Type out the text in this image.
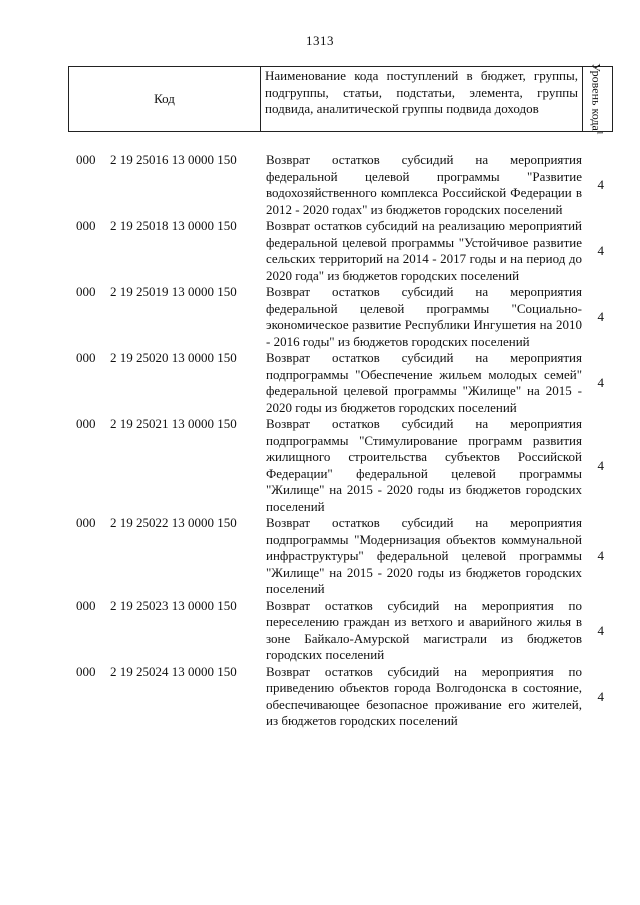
1313
Код
Наименование кода поступлений в бюджет, группы, подгруппы, статьи, подстатьи, элемента, группы подвида, аналитической группы подвида доходов	Уровень кода$^1$
000 2 19 25016 13 0000 150 Возврат остатков субсидий на мероприятия федеральной целевой программы "Развитие водохозяйственного комплекса Российской Федерации в 2012 - 2020 годах" из бюджетов городских поселений
4
000 2 19 25018 13 0000 150 Возврат остатков субсидий на реализацию мероприятий федеральной целевой программы "Устойчивое развитие сельских территорий на 2014 - 2017 годы и на период до 2020 года" из бюджетов городских поселений
4
000 2 19 25019 13 0000 150 Возврат остатков субсидий на мероприятия федеральной целевой программы "Социально-экономическое развитие Республики Ингушетия на 2010 - 2016 годы" из бюджетов городских поселений
4
000 2 19 25020 13 0000 150 Возврат остатков субсидий на мероприятия подпрограммы "Обеспечение жильем молодых семей" федеральной целевой программы "Жилище" на 2015 - 2020 годы из бюджетов городских поселений
4
000 2 19 25021 13 0000 150 Возврат остатков субсидий на мероприятия подпрограммы "Стимулирование программ развития жилищного строительства субъектов Российской Федерации" федеральной целевой программы "Жилище" на 2015 - 2020 годы из бюджетов городских поселений
4
000 2 19 25022 13 0000 150 Возврат остатков субсидий на мероприятия подпрограммы "Модернизация объектов коммунальной инфраструктуры" федеральной целевой программы "Жилище" на 2015 - 2020 годы из бюджетов городских поселений
4
000 2 19 25023 13 0000 150 Возврат остатков субсидий на мероприятия по переселению граждан из ветхого и аварийного жилья в зоне Байкало-Амурской магистрали из бюджетов городских поселений
4
000 2 19 25024 13 0000 150 Возврат остатков субсидий на мероприятия по приведению объектов города Волгодонска в состояние, обеспечивающее безопасное проживание его жителей, из бюджетов городских поселений
4
